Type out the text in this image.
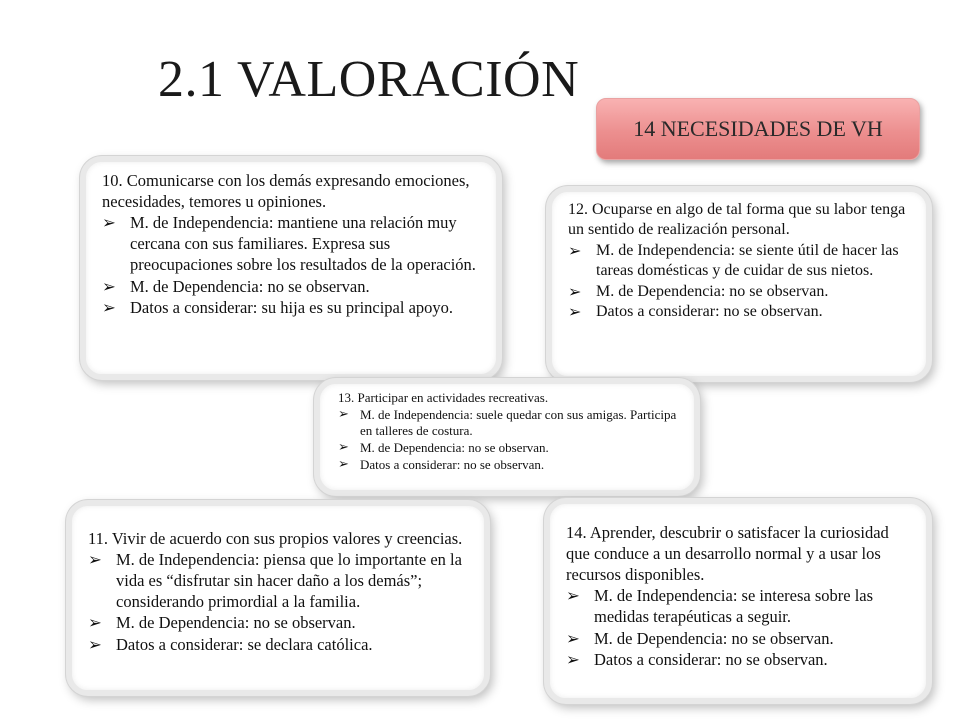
2.1 VALORACIÓN
14 NECESIDADES DE VH

10. Comunicarse con los demás expresando emociones, necesidades, temores u opiniones.

➢ M. de Independencia: mantiene una relación muy cercana con sus familiares. Expresa sus preocupaciones sobre los resultados de la operación.
➢ M. de Dependencia: no se observan.
➢ Datos a considerar: su hija es su principal apoyo.

12. Ocuparse en algo de tal forma que su labor tenga un sentido de realización personal.

➢ M. de Independencia: se siente útil de hacer las tareas domésticas y de cuidar de sus nietos.
➢ M. de Dependencia: no se observan.
➢ Datos a considerar: no se observan.

13. Participar en actividades recreativas.

➢ M. de Independencia: suele quedar con sus amigas. Participa en talleres de costura.
➢ M. de Dependencia: no se observan.
➢ Datos a considerar: no se observan.

11. Vivir de acuerdo con sus propios valores y creencias.

➢ M. de Independencia: piensa que lo importante en la vida es “disfrutar sin hacer daño a los demás”; considerando primordial a la familia.
➢ M. de Dependencia: no se observan.
➢ Datos a considerar: se declara católica.

14. Aprender, descubrir o satisfacer la curiosidad que conduce a un desarrollo normal y a usar los recursos disponibles.

➢ M. de Independencia: se interesa sobre las medidas terapéuticas a seguir.
➢ M. de Dependencia: no se observan.
➢ Datos a considerar: no se observan.
